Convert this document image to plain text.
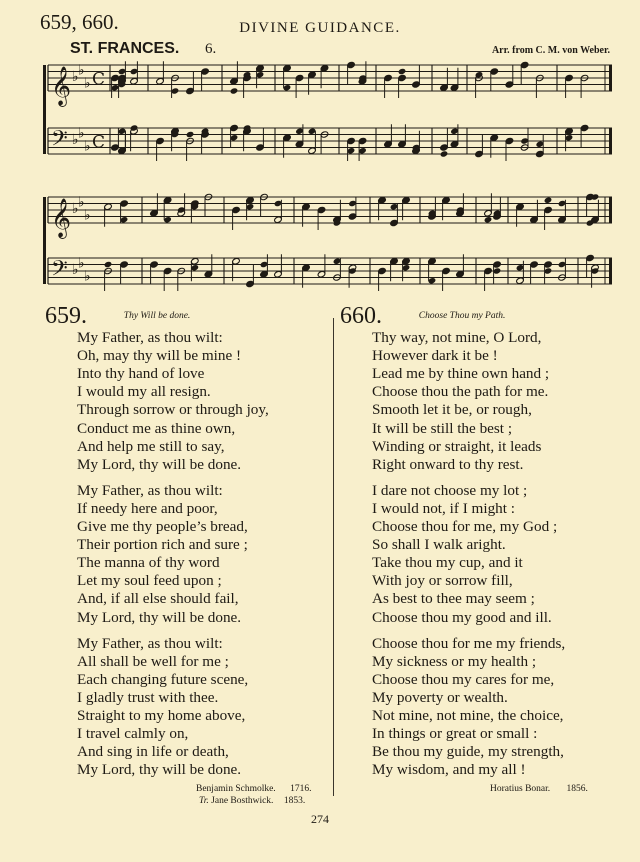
659, 660.	DIVINE GUIDANCE.
ST. FRANCES. 6.	Arr. from C. M. von Weber.
𝄞 ♭ ♭
♭ C
𝄢 ♭ ♭
♭ C
𝄞 ♭ ♭
♭
𝄢 ♭ ♭
♭
659.	$^{Thy Will be done.}$
My Father, as thou wilt:
Oh, may thy will be mine !
Into thy hand of love
I would my all resign.
Through sorrow or through joy,
Conduct me as thine own,
And help me still to say,
My Lord, thy will be done.
My Father, as thou wilt:
If needy here and poor,
Give me thy people’s bread,
Their portion rich and sure ;
The manna of thy word
Let my soul feed upon ;
And, if all else should fail,
My Lord, thy will be done.
My Father, as thou wilt:
All shall be well for me ;
Each changing future scene,
I gladly trust with thee.
Straight to my home above,
I travel calmly on,
And sing in life or death,
My Lord, thy will be done.
660.	$^{Choose Thou my Path.}$
Thy way, not mine, O Lord,
However dark it be !
Lead me by thine own hand ;
Choose thou the path for me.
Smooth let it be, or rough,
It will be still the best ;
Winding or straight, it leads
Right onward to thy rest.
I dare not choose my lot ;
I would not, if I might :
Choose thou for me, my God ;
So shall I walk aright.
Take thou my cup, and it
With joy or sorrow fill,
As best to thee may seem ;
Choose thou my good and ill.
Choose thou for me my friends,
My sickness or my health ;
Choose thou my cares for me,
My poverty or wealth.
Not mine, not mine, the choice,
In things or great or small :
Be thou my guide, my strength,
My wisdom, and my all !
Benjamin Schmolke. 1716.
Tr. Jane Bosthwick. 1853.
Horatius Bonar. 1856.
274
